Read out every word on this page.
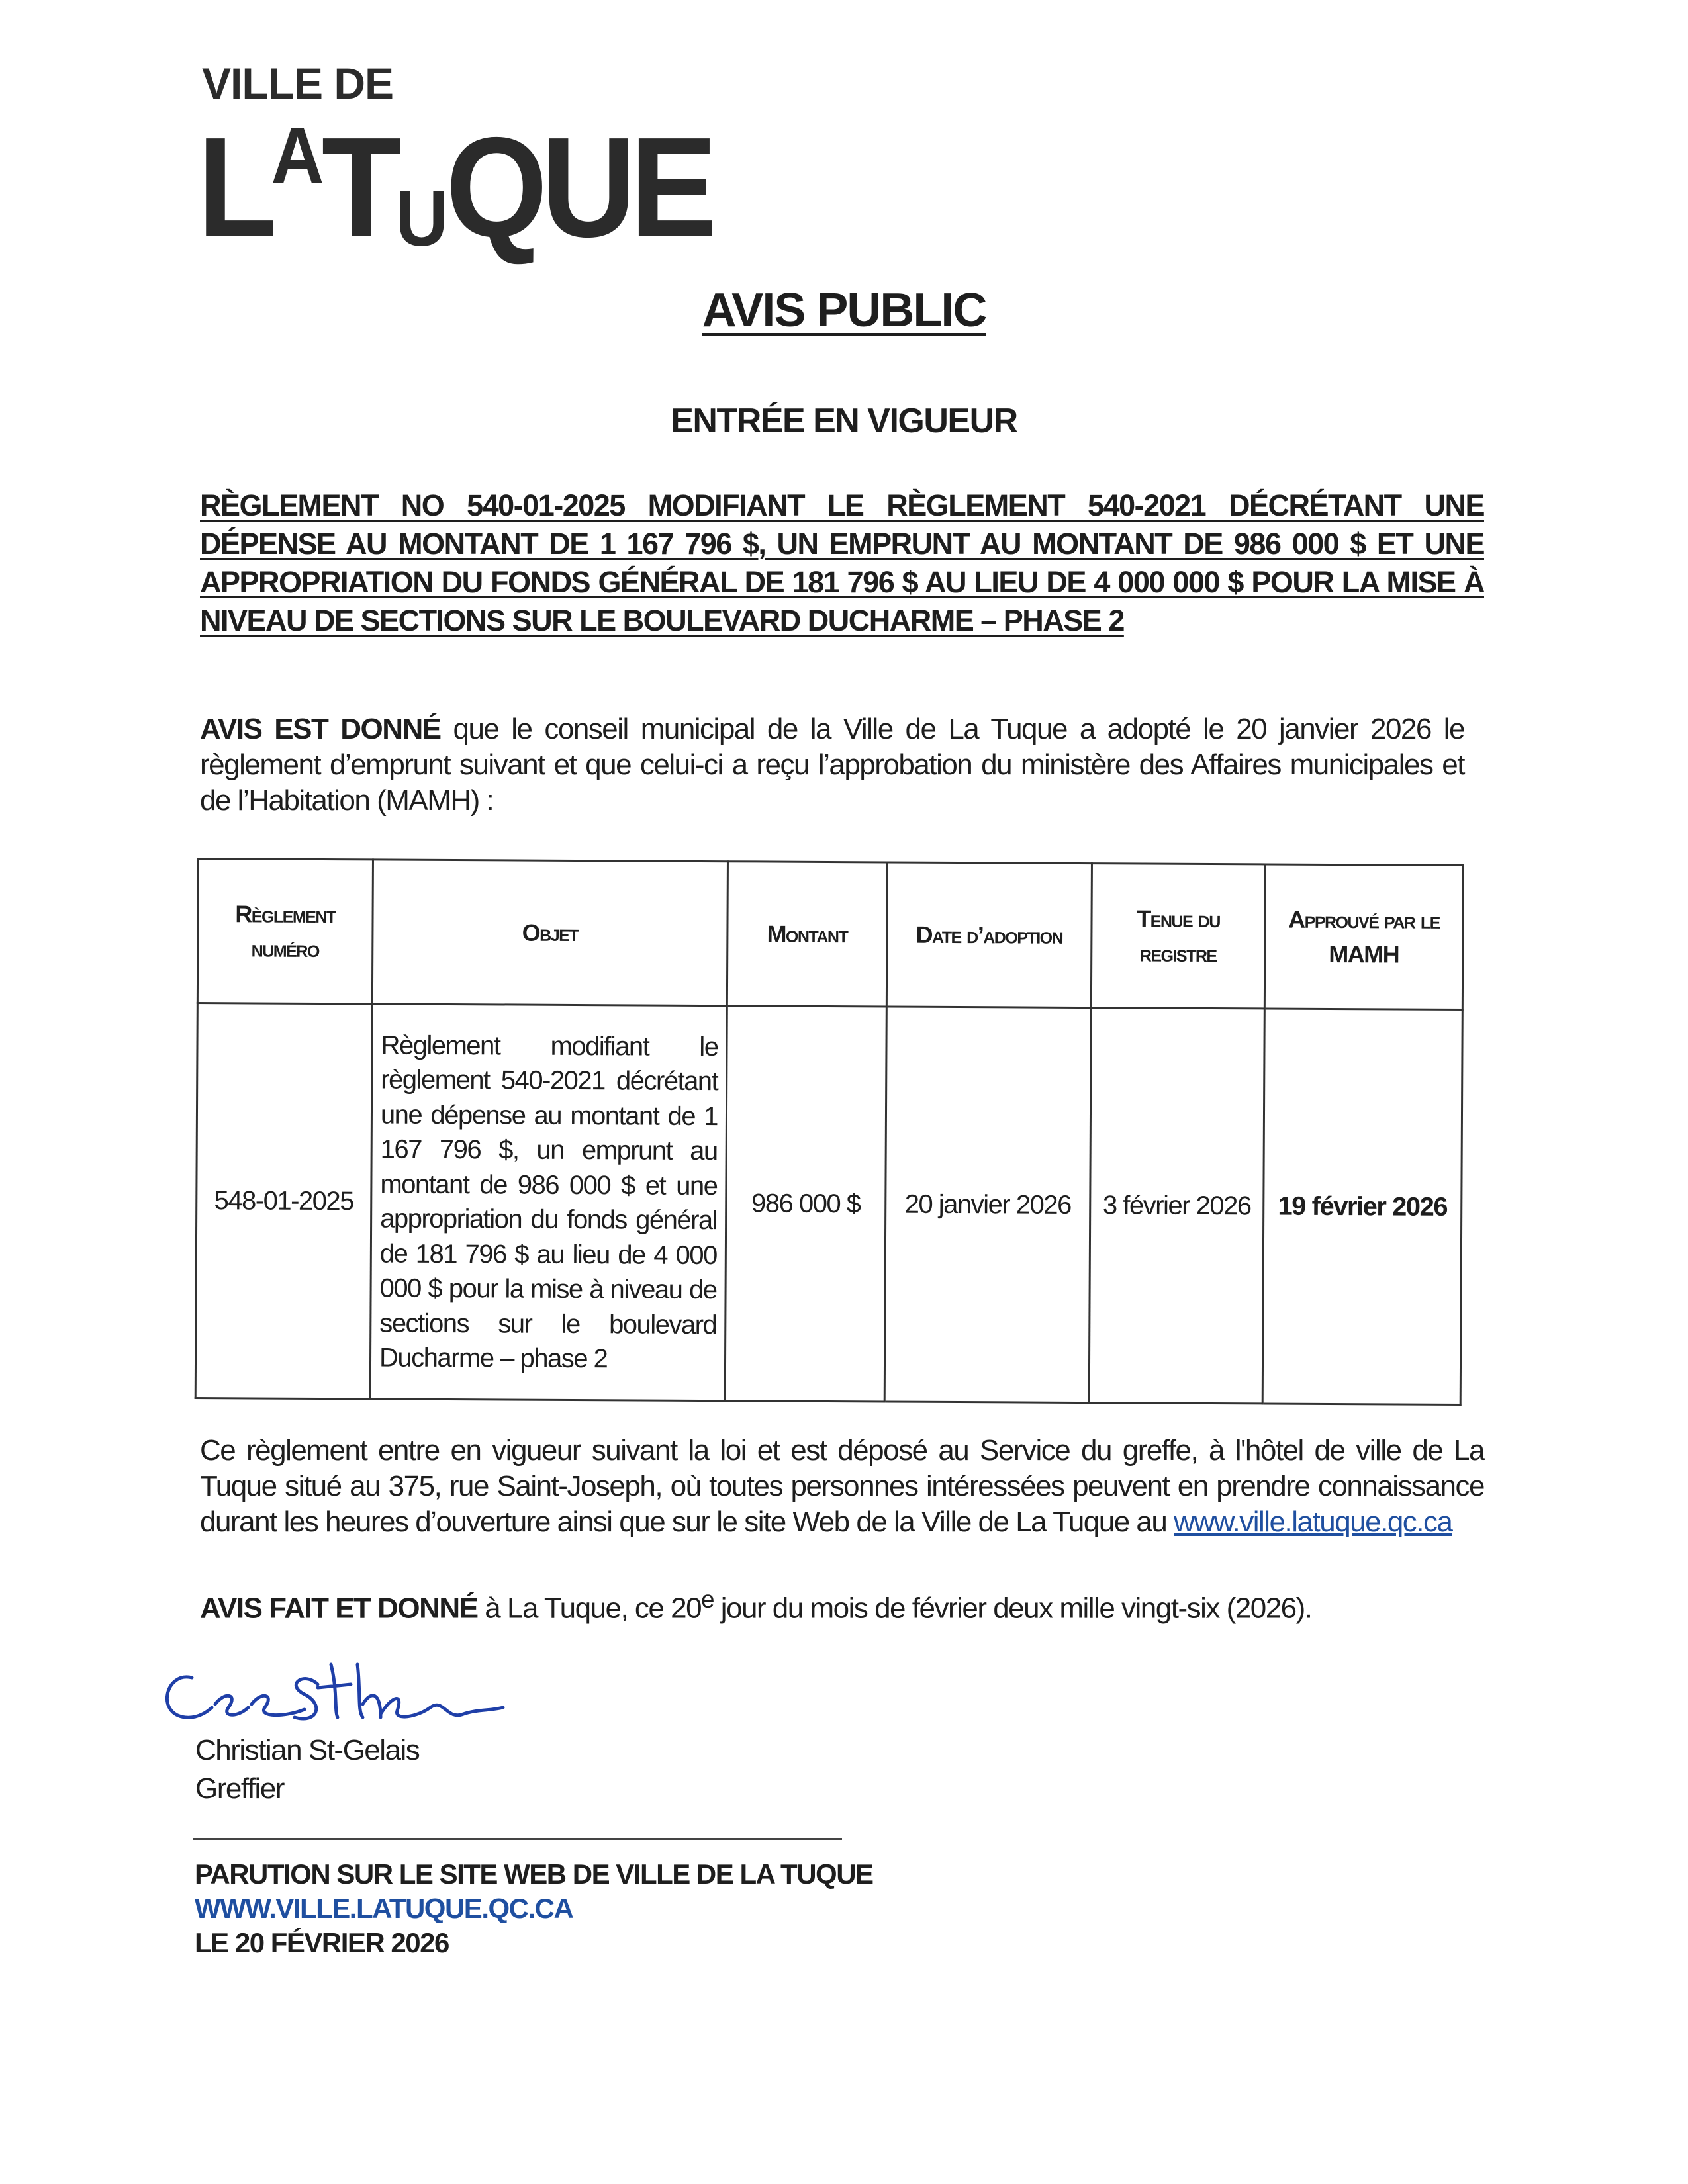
VILLE DE
$L^ATUQUE$
AVIS PUBLIC
ENTRÉE EN VIGUEUR
RÈGLEMENT NO 540-01-2025 MODIFIANT LE RÈGLEMENT 540-2021 DÉCRÉTANT UNE DÉPENSE AU MONTANT DE 1 167 796 $, UN EMPRUNT AU MONTANT DE 986 000 $ ET UNE APPROPRIATION DU FONDS GÉNÉRAL DE 181 796 $ AU LIEU DE 4 000 000 $ POUR LA MISE À NIVEAU DE SECTIONS SUR LE BOULEVARD DUCHARME – PHASE 2
AVIS EST DONNÉ que le conseil municipal de la Ville de La Tuque a adopté le 20 janvier 2026 le règlement d’emprunt suivant et que celui-ci a reçu l’approbation du ministère des Affaires municipales et de l’Habitation (MAMH) :
Règlement numéro	Objet	Montant	Date d’adoption	Tenue du registre	Approuvé par le MAMH
548-01-2025	Règlement modifiant le règlement 540-2021 décrétant une dépense au montant de 1 167 796 $, un emprunt au montant de 986 000 $ et une appropriation du fonds général de 181 796 $ au lieu de 4 000 000 $ pour la mise à niveau de sections sur le boulevard Ducharme – phase 2	986 000 $	20 janvier 2026	3 février 2026	19 février 2026
Ce règlement entre en vigueur suivant la loi et est déposé au Service du greffe, à l'hôtel de ville de La Tuque situé au 375, rue Saint-Joseph, où toutes personnes intéressées peuvent en prendre connaissance durant les heures d’ouverture ainsi que sur le site Web de la Ville de La Tuque au www.ville.latuque.qc.ca
AVIS FAIT ET DONNÉ à La Tuque, ce 20e jour du mois de février deux mille vingt-six (2026).
Christian St-Gelais
Greffier
PARUTION SUR LE SITE WEB DE VILLE DE LA TUQUE
WWW.VILLE.LATUQUE.QC.CA
LE 20 FÉVRIER 2026
